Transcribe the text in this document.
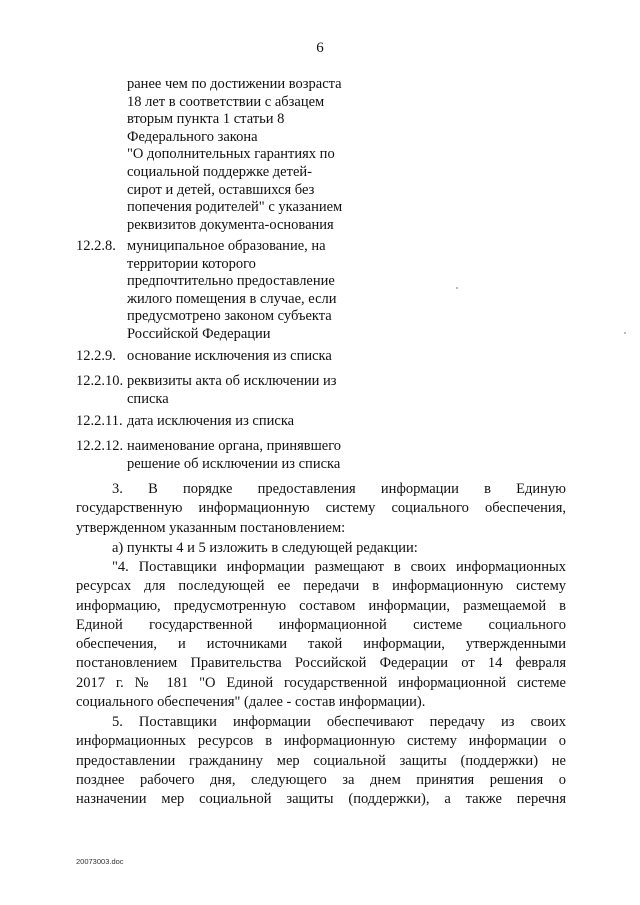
6
ранее чем по достижении возраста
18 лет в соответствии с абзацем
вторым пункта 1 статьи 8
Федерального закона
"О дополнительных гарантиях по
социальной поддержке детей-
сирот и детей, оставшихся без
попечения родителей" с указанием
реквизитов документа-основания
12.2.8. муниципальное образование, на
территории которого
предпочтительно предоставление
жилого помещения в случае, если
предусмотрено законом субъекта
Российской Федерации
12.2.9. основание исключения из списка
12.2.10. реквизиты акта об исключении из
списка
12.2.11. дата исключения из списка
12.2.12. наименование органа, принявшего
решение об исключении из списка
3. В порядке предоставления информации в Единую
государственную информационную систему социального обеспечения,
утвержденном указанным постановлением:
а) пункты 4 и 5 изложить в следующей редакции:
"4. Поставщики информации размещают в своих информационных
ресурсах для последующей ее передачи в информационную систему
информацию, предусмотренную составом информации, размещаемой в
Единой государственной информационной системе социального
обеспечения, и источниками такой информации, утвержденными
постановлением Правительства Российской Федерации от 14 февраля
2017 г. № 181 "О Единой государственной информационной системе
социального обеспечения" (далее - состав информации).
5. Поставщики информации обеспечивают передачу из своих
информационных ресурсов в информационную систему информации о
предоставлении гражданину мер социальной защиты (поддержки) не
позднее рабочего дня, следующего за днем принятия решения о
назначении мер социальной защиты (поддержки), а также перечня
20073003.doc
